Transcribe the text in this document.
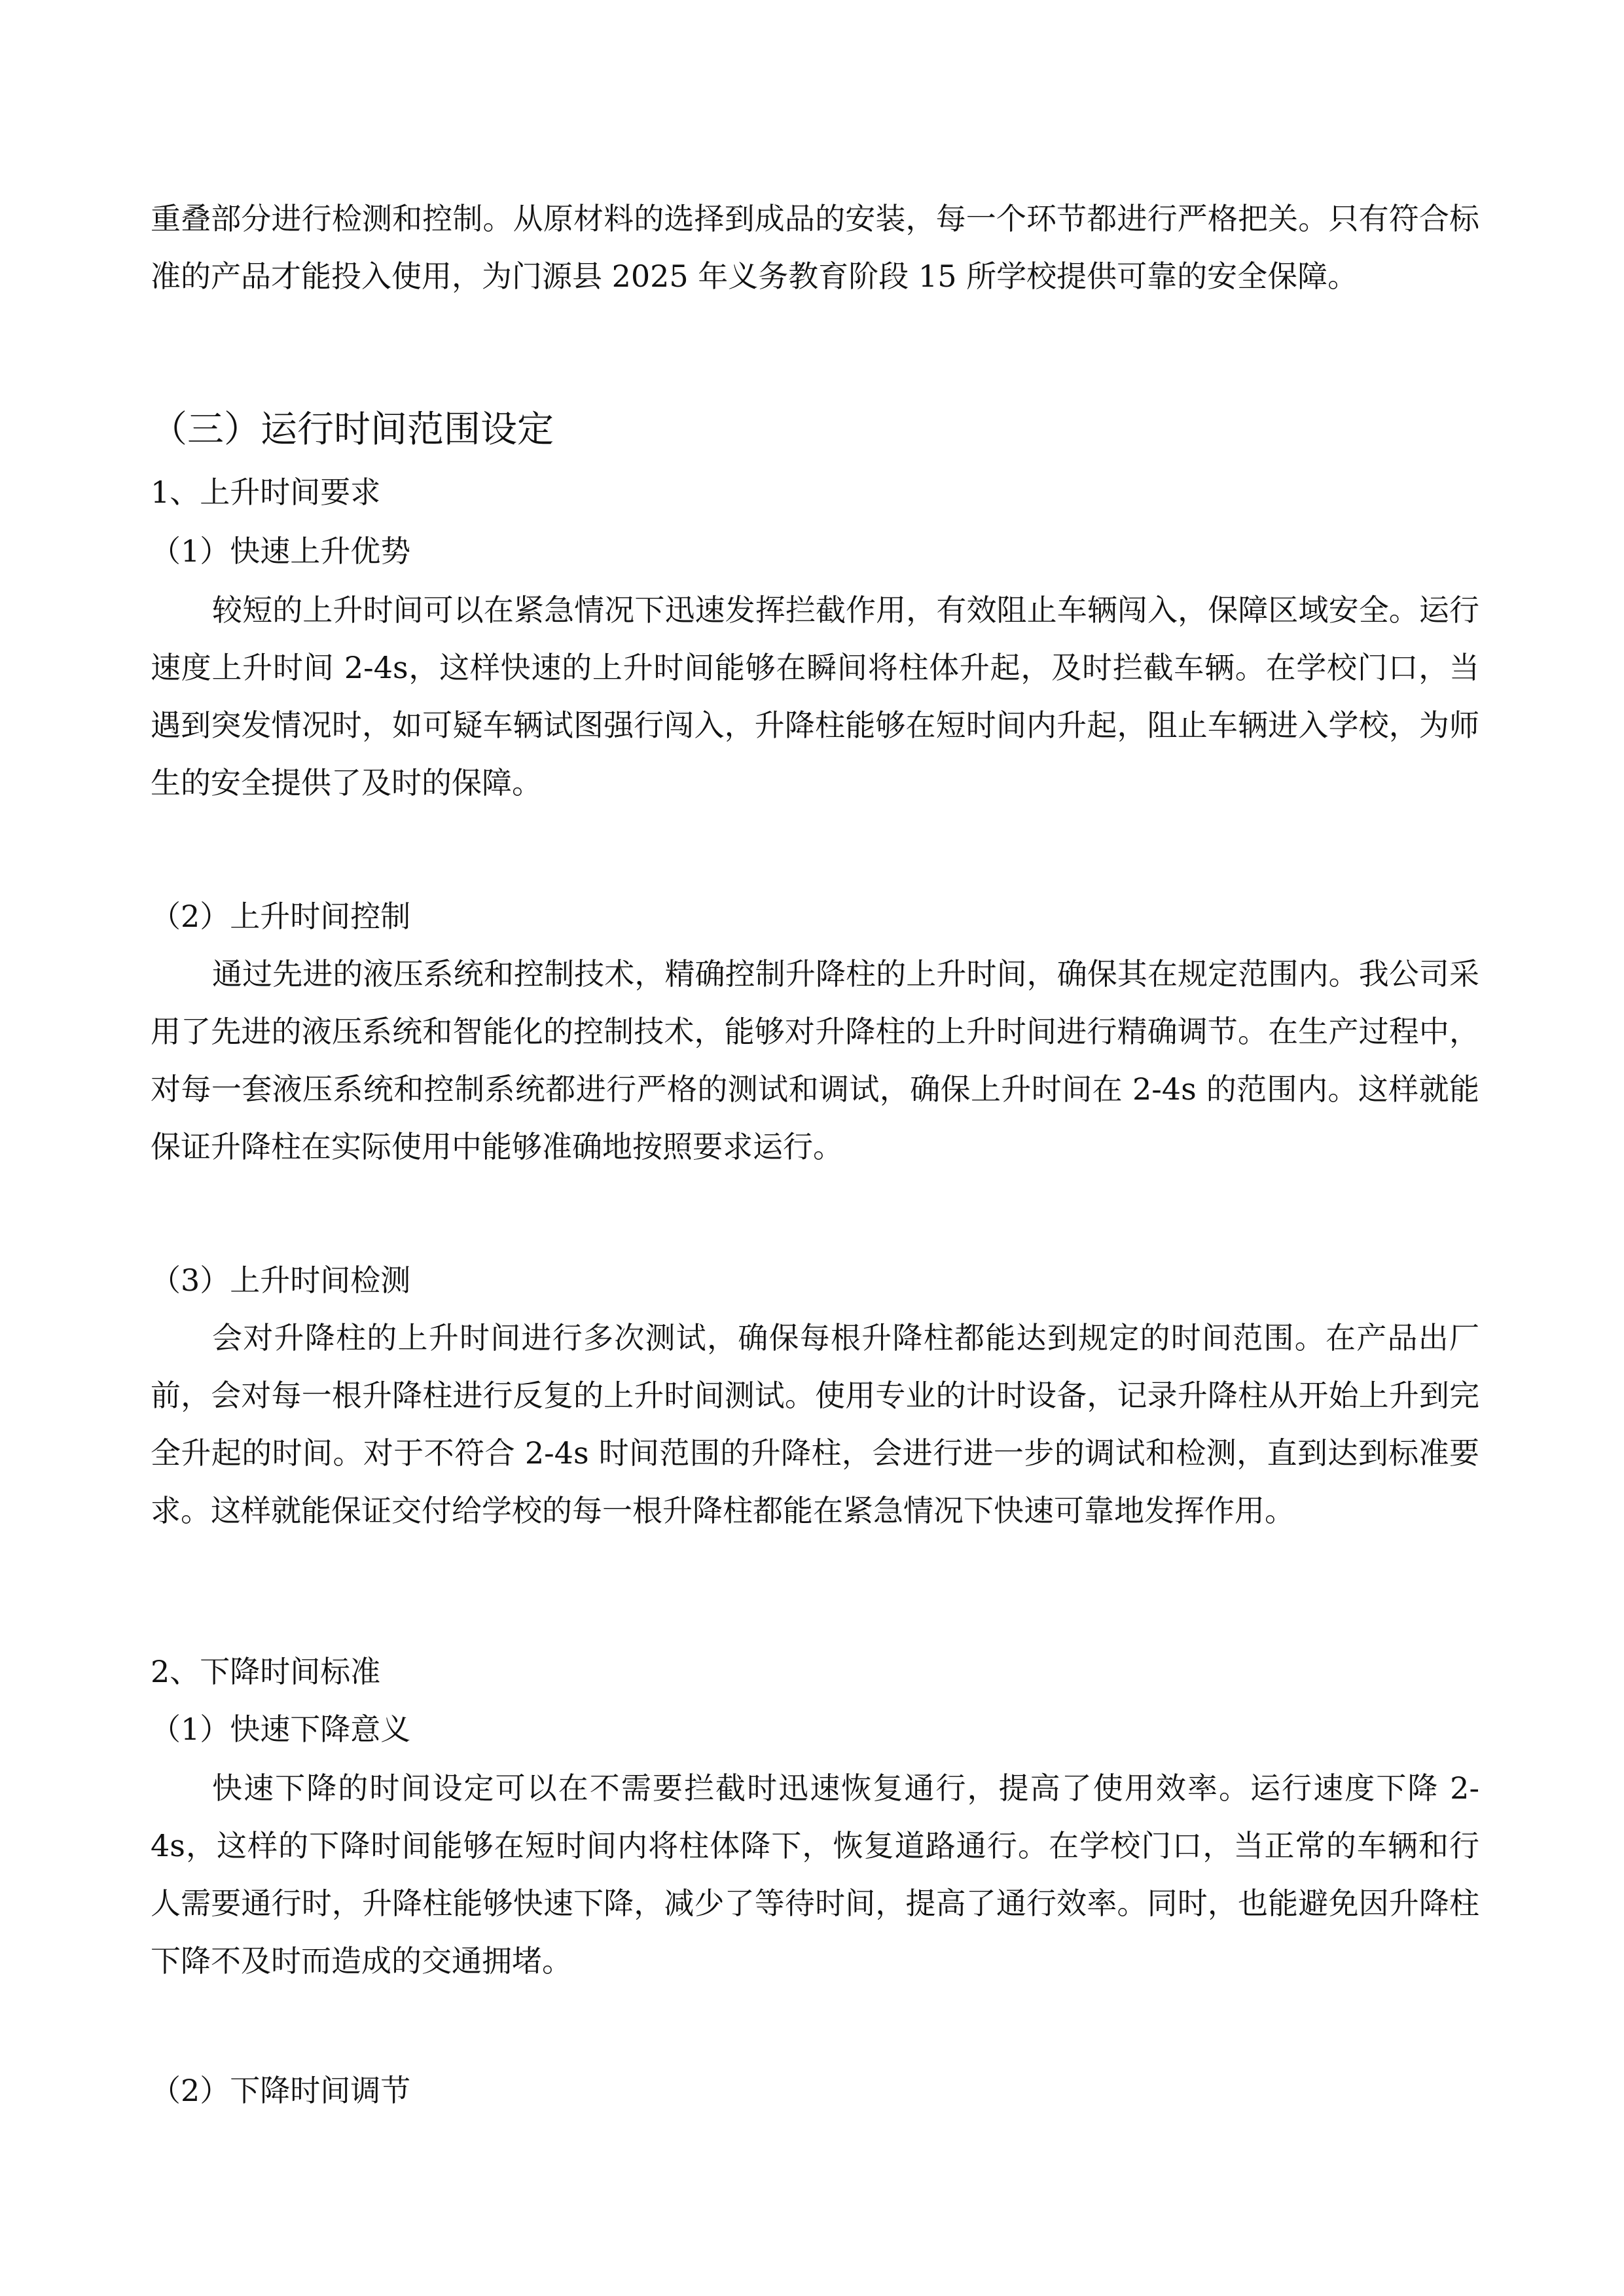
重叠部分进行检测和控制。从原材料的选择到成品的安装，每一个环节都进行严格把关。只有符合标准的产品才能投入使用，为门源县 2025 年义务教育阶段 15 所学校提供可靠的安全保障。

（三）运行时间范围设定

1、上升时间要求

（1）快速上升优势

较短的上升时间可以在紧急情况下迅速发挥拦截作用，有效阻止车辆闯入，保障区域安全。运行速度上升时间 2-4s，这样快速的上升时间能够在瞬间将柱体升起，及时拦截车辆。在学校门口，当遇到突发情况时，如可疑车辆试图强行闯入，升降柱能够在短时间内升起，阻止车辆进入学校，为师生的安全提供了及时的保障。

（2）上升时间控制

通过先进的液压系统和控制技术，精确控制升降柱的上升时间，确保其在规定范围内。我公司采用了先进的液压系统和智能化的控制技术，能够对升降柱的上升时间进行精确调节。在生产过程中，对每一套液压系统和控制系统都进行严格的测试和调试，确保上升时间在 2-4s 的范围内。这样就能保证升降柱在实际使用中能够准确地按照要求运行。

（3）上升时间检测

会对升降柱的上升时间进行多次测试，确保每根升降柱都能达到规定的时间范围。在产品出厂前，会对每一根升降柱进行反复的上升时间测试。使用专业的计时设备，记录升降柱从开始上升到完全升起的时间。对于不符合 2-4s 时间范围的升降柱，会进行进一步的调试和检测，直到达到标准要求。这样就能保证交付给学校的每一根升降柱都能在紧急情况下快速可靠地发挥作用。

2、下降时间标准

（1）快速下降意义

快速下降的时间设定可以在不需要拦截时迅速恢复通行，提高了使用效率。运行速度下降 2-4s，这样的下降时间能够在短时间内将柱体降下，恢复道路通行。在学校门口，当正常的车辆和行人需要通行时，升降柱能够快速下降，减少了等待时间，提高了通行效率。同时，也能避免因升降柱下降不及时而造成的交通拥堵。

（2）下降时间调节
